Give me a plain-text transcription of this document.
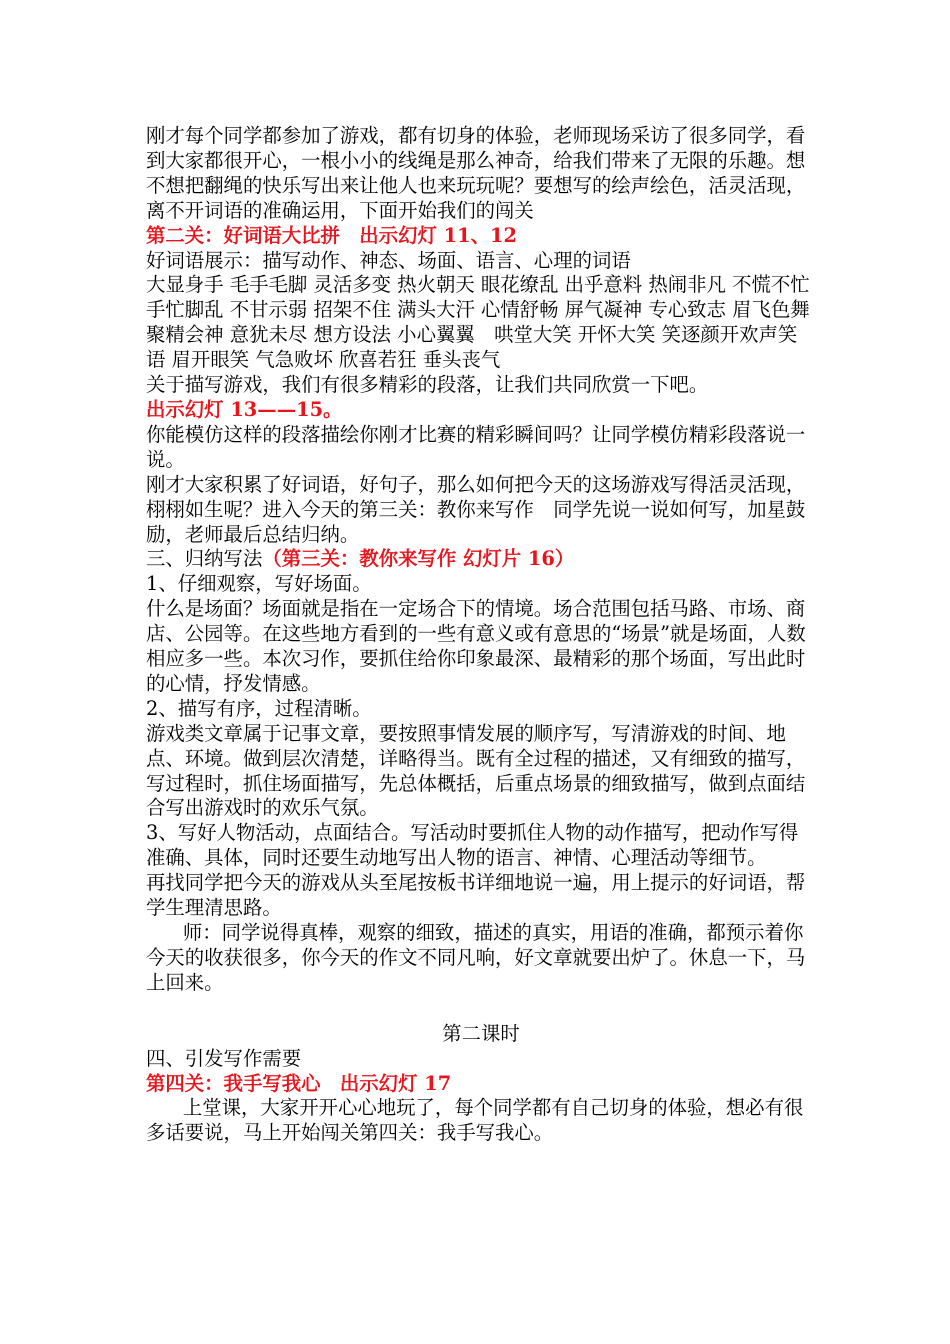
刚才每个同学都参加了游戏，都有切身的体验，老师现场采访了很多同学，看到大家都很开心，一根小小的线绳是那么神奇，给我们带来了无限的乐趣。想不想把翻绳的快乐写出来让他人也来玩玩呢？要想写的绘声绘色，活灵活现，离不开词语的准确运用，下面开始我们的闯关

第二关：好词语大比拼　出示幻灯 11、12

好词语展示：描写动作、神态、场面、语言、心理的词语

大显身手 毛手毛脚 灵活多变 热火朝天 眼花缭乱 出乎意料 热闹非凡 不慌不忙 手忙脚乱 不甘示弱 招架不住 满头大汗 心情舒畅 屏气凝神 专心致志 眉飞色舞 聚精会神 意犹未尽 想方设法 小心翼翼　哄堂大笑 开怀大笑 笑逐颜开欢声笑语 眉开眼笑 气急败坏 欣喜若狂 垂头丧气

关于描写游戏，我们有很多精彩的段落，让我们共同欣赏一下吧。

出示幻灯 13——15。

你能模仿这样的段落描绘你刚才比赛的精彩瞬间吗？让同学模仿精彩段落说一说。

刚才大家积累了好词语，好句子，那么如何把今天的这场游戏写得活灵活现，栩栩如生呢？进入今天的第三关：教你来写作　同学先说一说如何写，加星鼓励，老师最后总结归纳。

三、归纳写法（第三关：教你来写作 幻灯片 16）

1、仔细观察，写好场面。

什么是场面？场面就是指在一定场合下的情境。场合范围包括马路、市场、商店、公园等。在这些地方看到的一些有意义或有意思的“场景”就是场面，人数相应多一些。本次习作，要抓住给你印象最深、最精彩的那个场面，写出此时的心情，抒发情感。

2、描写有序，过程清晰。

游戏类文章属于记事文章，要按照事情发展的顺序写，写清游戏的时间、地点、环境。做到层次清楚，详略得当。既有全过程的描述，又有细致的描写，写过程时，抓住场面描写，先总体概括，后重点场景的细致描写，做到点面结合写出游戏时的欢乐气氛。

3、写好人物活动，点面结合。写活动时要抓住人物的动作描写，把动作写得准确、具体，同时还要生动地写出人物的语言、神情、心理活动等细节。

再找同学把今天的游戏从头至尾按板书详细地说一遍，用上提示的好词语，帮学生理清思路。

师：同学说得真棒，观察的细致，描述的真实，用语的准确，都预示着你今天的收获很多，你今天的作文不同凡响，好文章就要出炉了。休息一下，马上回来。

第二课时

四、引发写作需要

第四关：我手写我心　出示幻灯 17

上堂课，大家开开心心地玩了，每个同学都有自己切身的体验，想必有很多话要说，马上开始闯关第四关：我手写我心。
